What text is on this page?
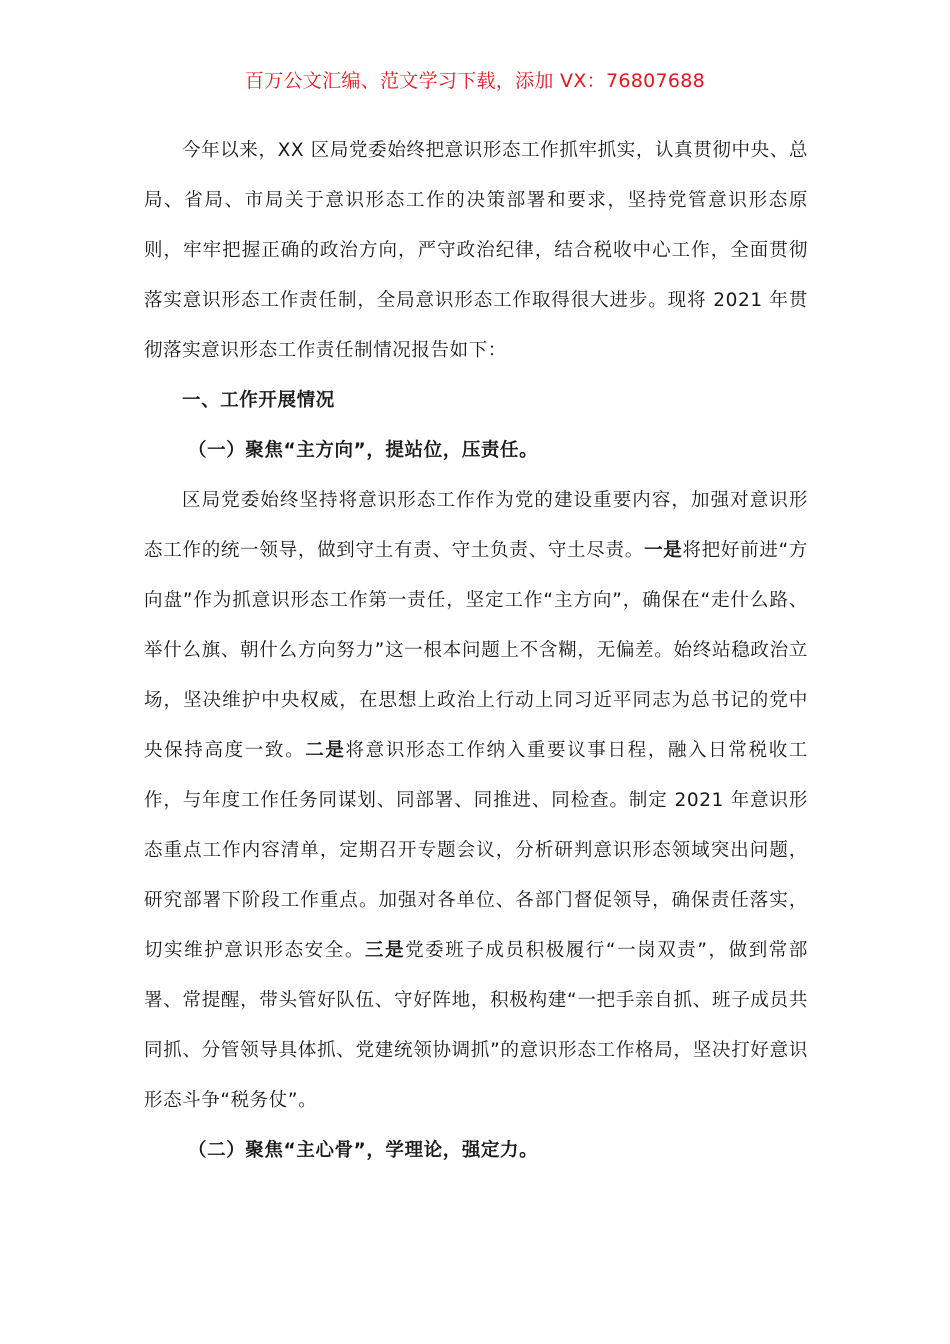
百万公文汇编、范文学习下载，添加 VX：76807688

今年以来，XX 区局党委始终把意识形态工作抓牢抓实，认真贯彻中央、总局、省局、市局关于意识形态工作的决策部署和要求，坚持党管意识形态原则，牢牢把握正确的政治方向，严守政治纪律，结合税收中心工作，全面贯彻落实意识形态工作责任制，全局意识形态工作取得很大进步。现将 2021 年贯彻落实意识形态工作责任制情况报告如下：

一、工作开展情况

（一）聚焦“主方向”，提站位，压责任。

区局党委始终坚持将意识形态工作作为党的建设重要内容，加强对意识形态工作的统一领导，做到守土有责、守土负责、守土尽责。一是将把好前进“方向盘”作为抓意识形态工作第一责任，坚定工作“主方向”，确保在“走什么路、举什么旗、朝什么方向努力”这一根本问题上不含糊，无偏差。始终站稳政治立场，坚决维护中央权威，在思想上政治上行动上同习近平同志为总书记的党中央保持高度一致。二是将意识形态工作纳入重要议事日程，融入日常税收工作，与年度工作任务同谋划、同部署、同推进、同检查。制定 2021 年意识形态重点工作内容清单，定期召开专题会议，分析研判意识形态领域突出问题，研究部署下阶段工作重点。加强对各单位、各部门督促领导，确保责任落实，切实维护意识形态安全。三是党委班子成员积极履行“一岗双责”，做到常部署、常提醒，带头管好队伍、守好阵地，积极构建“一把手亲自抓、班子成员共同抓、分管领导具体抓、党建统领协调抓”的意识形态工作格局，坚决打好意识形态斗争“税务仗”。

（二）聚焦“主心骨”，学理论，强定力。
